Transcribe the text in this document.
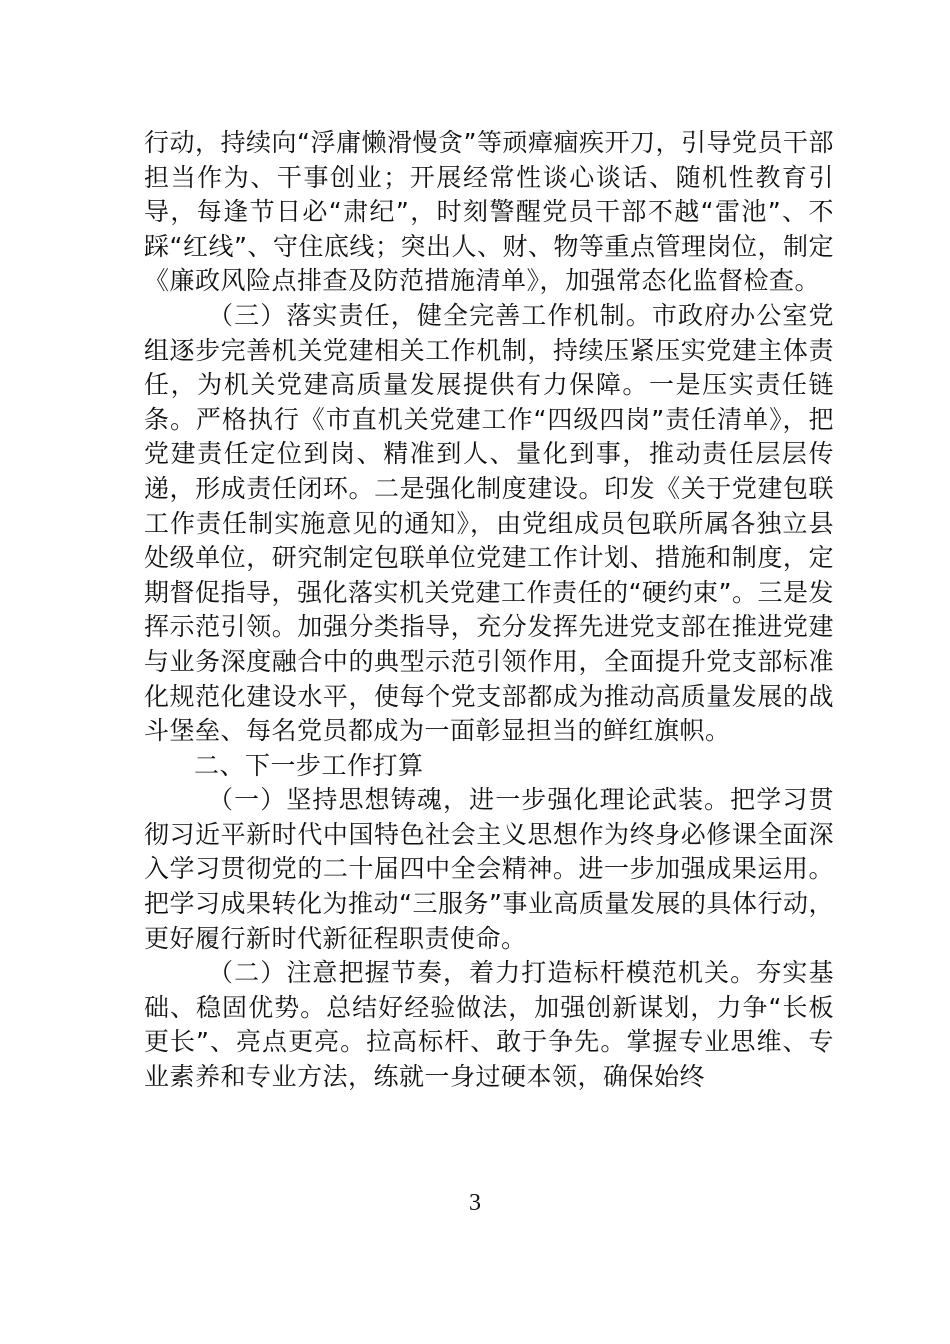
行动，持续向“浮庸懒滑慢贪”等顽瘴痼疾开刀，引导党员干部担当作为、干事创业；开展经常性谈心谈话、随机性教育引导，每逢节日必“肃纪”，时刻警醒党员干部不越“雷池”、不踩“红线”、守住底线；突出人、财、物等重点管理岗位，制定《廉政风险点排查及防范措施清单》，加强常态化监督检查。

（三）落实责任，健全完善工作机制。市政府办公室党组逐步完善机关党建相关工作机制，持续压紧压实党建主体责任，为机关党建高质量发展提供有力保障。一是压实责任链条。严格执行《市直机关党建工作“四级四岗”责任清单》，把党建责任定位到岗、精准到人、量化到事，推动责任层层传递，形成责任闭环。二是强化制度建设。印发《关于党建包联工作责任制实施意见的通知》，由党组成员包联所属各独立县处级单位，研究制定包联单位党建工作计划、措施和制度，定期督促指导，强化落实机关党建工作责任的“硬约束”。三是发挥示范引领。加强分类指导，充分发挥先进党支部在推进党建与业务深度融合中的典型示范引领作用，全面提升党支部标准化规范化建设水平，使每个党支部都成为推动高质量发展的战斗堡垒、每名党员都成为一面彰显担当的鲜红旗帜。

二、下一步工作打算

（一）坚持思想铸魂，进一步强化理论武装。把学习贯彻习近平新时代中国特色社会主义思想作为终身必修课全面深入学习贯彻党的二十届四中全会精神。进一步加强成果运用。把学习成果转化为推动“三服务”事业高质量发展的具体行动，更好履行新时代新征程职责使命。

（二）注意把握节奏，着力打造标杆模范机关。夯实基础、稳固优势。总结好经验做法，加强创新谋划，力争“长板更长”、亮点更亮。拉高标杆、敢于争先。掌握专业思维、专业素养和专业方法，练就一身过硬本领，确保始终

3
